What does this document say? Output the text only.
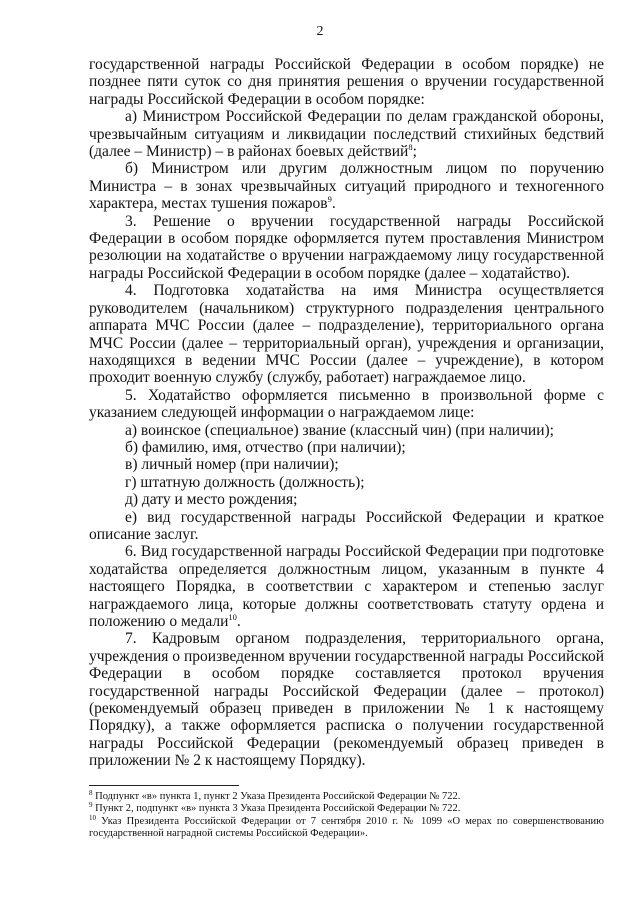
2

государственной награды Российской Федерации в особом порядке) не позднее пяти суток со дня принятия решения о вручении государственной награды Российской Федерации в особом порядке:

а) Министром Российской Федерации по делам гражданской обороны, чрезвычайным ситуациям и ликвидации последствий стихийных бедствий (далее – Министр) – в районах боевых действий$^8$;

б) Министром или другим должностным лицом по поручению Министра – в зонах чрезвычайных ситуаций природного и техногенного характера, местах тушения пожаров$^9$.

3. Решение о вручении государственной награды Российской Федерации в особом порядке оформляется путем проставления Министром резолюции на ходатайстве о вручении награждаемому лицу государственной награды Российской Федерации в особом порядке (далее – ходатайство).

4. Подготовка ходатайства на имя Министра осуществляется руководителем (начальником) структурного подразделения центрального аппарата МЧС России (далее – подразделение), территориального органа МЧС России (далее – территориальный орган), учреждения и организации, находящихся в ведении МЧС России (далее – учреждение), в котором проходит военную службу (службу, работает) награждаемое лицо.

5. Ходатайство оформляется письменно в произвольной форме с указанием следующей информации о награждаемом лице:

а) воинское (специальное) звание (классный чин) (при наличии);

б) фамилию, имя, отчество (при наличии);

в) личный номер (при наличии);

г) штатную должность (должность);

д) дату и место рождения;

е) вид государственной награды Российской Федерации и краткое описание заслуг.

6. Вид государственной награды Российской Федерации при подготовке ходатайства определяется должностным лицом, указанным в пункте 4 настоящего Порядка, в соответствии с характером и степенью заслуг награждаемого лица, которые должны соответствовать статуту ордена и положению о медали$^{10}$.

7. Кадровым органом подразделения, территориального органа, учреждения о произведенном вручении государственной награды Российской Федерации в особом порядке составляется протокол вручения государственной награды Российской Федерации (далее – протокол) (рекомендуемый образец приведен в приложении № 1 к настоящему Порядку), а также оформляется расписка о получении государственной награды Российской Федерации (рекомендуемый образец приведен в приложении № 2 к настоящему Порядку).

$^8$ Подпункт «в» пункта 1, пункт 2 Указа Президента Российской Федерации № 722.

$^9$ Пункт 2, подпункт «в» пункта 3 Указа Президента Российской Федерации № 722.

$^{10}$ Указ Президента Российской Федерации от 7 сентября 2010 г. № 1099 «О мерах по совершенствованию государственной наградной системы Российской Федерации».
